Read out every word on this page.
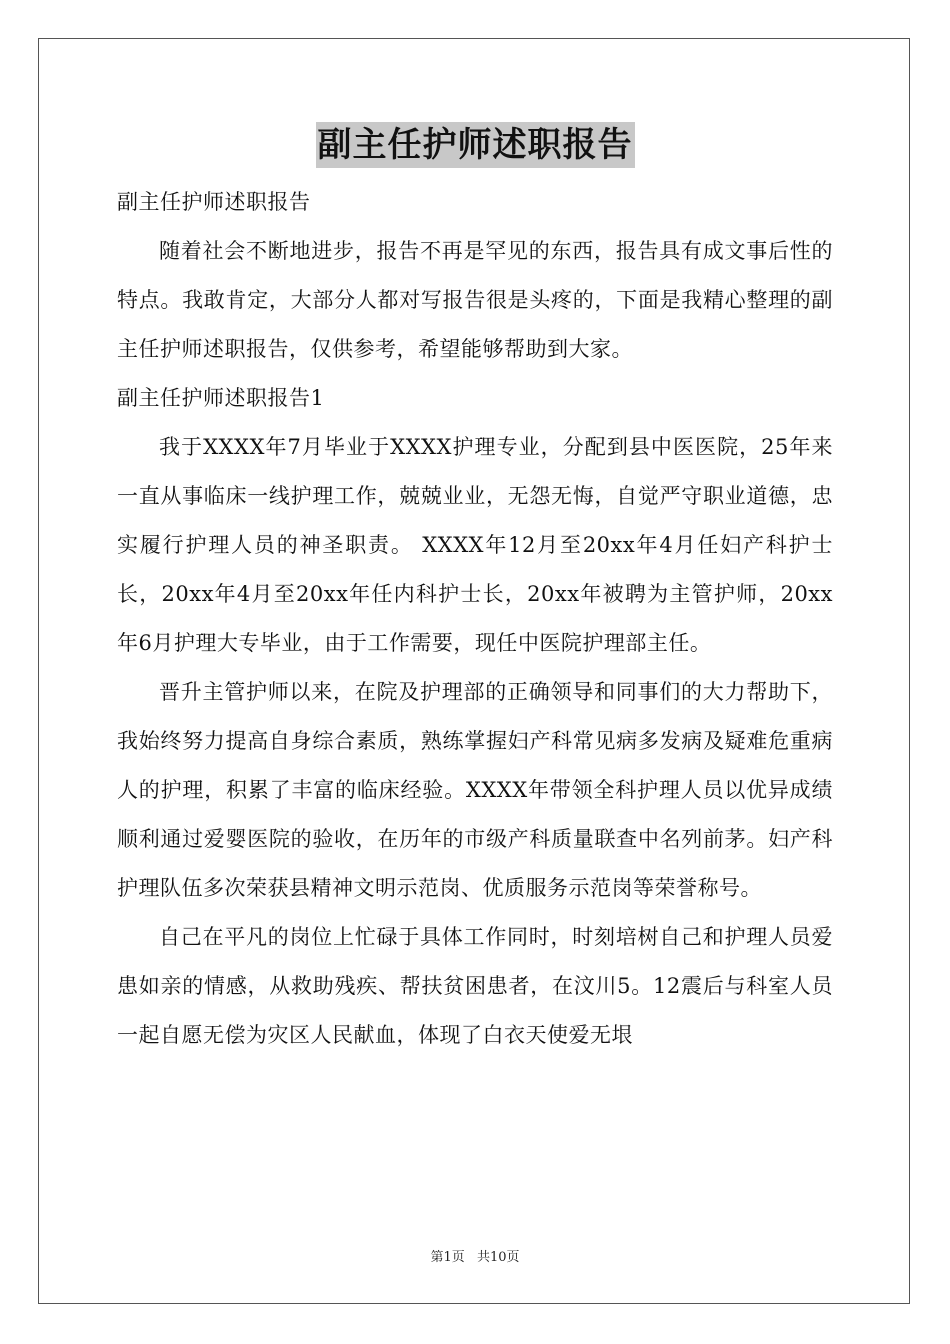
副主任护师述职报告
副主任护师述职报告
随着社会不断地进步，报告不再是罕见的东西，报告具有成文事后性的特点。我敢肯定，大部分人都对写报告很是头疼的，下面是我精心整理的副主任护师述职报告，仅供参考，希望能够帮助到大家。
副主任护师述职报告1
我于XXXX年7月毕业于XXXX护理专业，分配到县中医医院，25年来一直从事临床一线护理工作，兢兢业业，无怨无悔，自觉严守职业道德，忠实履行护理人员的神圣职责。 XXXX年12月至20xx年4月任妇产科护士长，20xx年4月至20xx年任内科护士长，20xx年被聘为主管护师，20xx年6月护理大专毕业，由于工作需要，现任中医院护理部主任。
晋升主管护师以来，在院及护理部的正确领导和同事们的大力帮助下，我始终努力提高自身综合素质，熟练掌握妇产科常见病多发病及疑难危重病人的护理，积累了丰富的临床经验。XXXX年带领全科护理人员以优异成绩顺利通过爱婴医院的验收，在历年的市级产科质量联查中名列前茅。妇产科护理队伍多次荣获县精神文明示范岗、优质服务示范岗等荣誉称号。
自己在平凡的岗位上忙碌于具体工作同时，时刻培树自己和护理人员爱患如亲的情感，从救助残疾、帮扶贫困患者，在汶川5。12震后与科室人员一起自愿无偿为灾区人民献血，体现了白衣天使爱无垠
第1页 共10页
